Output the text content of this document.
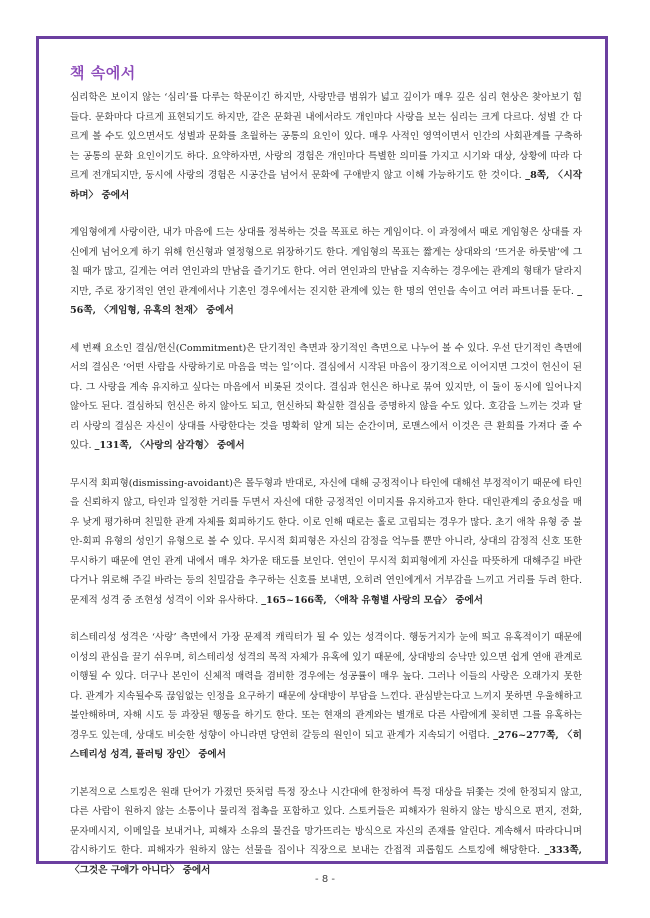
책 속에서

심리학은 보이지 않는 ‘심리’를 다루는 학문이긴 하지만, 사랑만큼 범위가 넓고 깊이가 매우 깊은 심리 현상은 찾아보기 힘들다. 문화마다 다르게 표현되기도 하지만, 같은 문화권 내에서라도 개인마다 사랑을 보는 심리는 크게 다르다. 성별 간 다르게 볼 수도 있으면서도 성별과 문화를 초월하는 공통의 요인이 있다. 매우 사적인 영역이면서 인간의 사회관계를 구축하는 공통의 문화 요인이기도 하다. 요약하자면, 사랑의 경험은 개인마다 특별한 의미를 가지고 시기와 대상, 상황에 따라 다르게 전개되지만, 동시에 사랑의 경험은 시공간을 넘어서 문화에 구애받지 않고 이해 가능하기도 한 것이다. _8쪽, 〈시작하며〉 중에서

게임형에게 사랑이란, 내가 마음에 드는 상대를 정복하는 것을 목표로 하는 게임이다. 이 과정에서 때로 게임형은 상대를 자신에게 넘어오게 하기 위해 헌신형과 열정형으로 위장하기도 한다. 게임형의 목표는 짧게는 상대와의 ‘뜨거운 하룻밤’에 그칠 때가 많고, 길게는 여러 연인과의 만남을 즐기기도 한다. 여러 연인과의 만남을 지속하는 경우에는 관계의 형태가 달라지지만, 주로 장기적인 연인 관계에서나 기혼인 경우에서는 진지한 관계에 있는 한 명의 연인을 속이고 여러 파트너를 둔다. _56쪽, 〈게임형, 유혹의 천재〉 중에서

세 번째 요소인 결심/헌신(Commitment)은 단기적인 측면과 장기적인 측면으로 나누어 볼 수 있다. 우선 단기적인 측면에서의 결심은 ‘어떤 사람을 사랑하기로 마음을 먹는 일’이다. 결심에서 시작된 마음이 장기적으로 이어지면 그것이 헌신이 된다. 그 사랑을 계속 유지하고 싶다는 마음에서 비롯된 것이다. 결심과 헌신은 하나로 묶여 있지만, 이 둘이 동시에 일어나지 않아도 된다. 결심하되 헌신은 하지 않아도 되고, 헌신하되 확실한 결심을 증명하지 않을 수도 있다. 호감을 느끼는 것과 달리 사랑의 결심은 자신이 상대를 사랑한다는 것을 명확히 알게 되는 순간이며, 로맨스에서 이것은 큰 환희를 가져다 줄 수 있다. _131쪽, 〈사랑의 삼각형〉 중에서

무시적 회피형(dismissing-avoidant)은 몰두형과 반대로, 자신에 대해 긍정적이나 타인에 대해선 부정적이기 때문에 타인을 신뢰하지 않고, 타인과 일정한 거리를 두면서 자신에 대한 긍정적인 이미지를 유지하고자 한다. 대인관계의 중요성을 매우 낮게 평가하며 친밀한 관계 자체를 회피하기도 한다. 이로 인해 때로는 홀로 고립되는 경우가 많다. 초기 애착 유형 중 불안-회피 유형의 성인기 유형으로 볼 수 있다. 무시적 회피형은 자신의 감정을 억누를 뿐만 아니라, 상대의 감정적 신호 또한 무시하기 때문에 연인 관계 내에서 매우 차가운 태도를 보인다. 연인이 무시적 회피형에게 자신을 따뜻하게 대해주길 바란다거나 위로해 주길 바라는 등의 친밀감을 추구하는 신호를 보내면, 오히려 연인에게서 거부감을 느끼고 거리를 두려 한다. 문제적 성격 중 조현성 성격이 이와 유사하다. _165~166쪽, 〈애착 유형별 사랑의 모습〉 중에서

히스테리성 성격은 ‘사랑’ 측면에서 가장 문제적 캐릭터가 될 수 있는 성격이다. 행동거지가 눈에 띄고 유혹적이기 때문에 이성의 관심을 끌기 쉬우며, 히스테리성 성격의 목적 자체가 유혹에 있기 때문에, 상대방의 승낙만 있으면 쉽게 연애 관계로 이행될 수 있다. 더구나 본인이 신체적 매력을 겸비한 경우에는 성공률이 매우 높다. 그러나 이들의 사랑은 오래가지 못한다. 관계가 지속될수록 끊임없는 인정을 요구하기 때문에 상대방이 부담을 느낀다. 관심받는다고 느끼지 못하면 우울해하고 불안해하며, 자해 시도 등 과장된 행동을 하기도 한다. 또는 현재의 관계와는 별개로 다른 사람에게 꽂히면 그를 유혹하는 경우도 있는데, 상대도 비슷한 성향이 아니라면 당연히 갈등의 원인이 되고 관계가 지속되기 어렵다. _276~277쪽, 〈히스테리성 성격, 플러팅 장인〉 중에서

기본적으로 스토킹은 원래 단어가 가졌던 뜻처럼 특정 장소나 시간대에 한정하여 특정 대상을 뒤쫓는 것에 한정되지 않고, 다른 사람이 원하지 않는 소통이나 물리적 접촉을 포함하고 있다. 스토커들은 피해자가 원하지 않는 방식으로 편지, 전화, 문자메시지, 이메일을 보내거나, 피해자 소유의 물건을 망가뜨리는 방식으로 자신의 존재를 알린다. 계속해서 따라다니며 감시하기도 한다. 피해자가 원하지 않는 선물을 집이나 직장으로 보내는 간접적 괴롭힘도 스토킹에 해당한다. _333쪽, 〈그것은 구애가 아니다〉 중에서

- 8 -
